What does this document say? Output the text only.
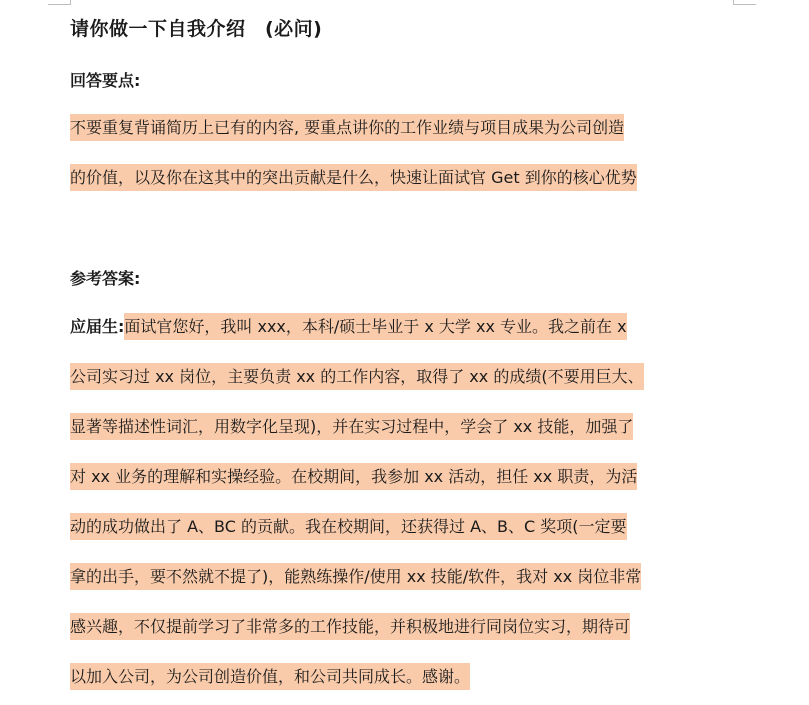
请你做一下自我介绍　(必问)
回答要点:
不要重复背诵简历上已有的内容, 要重点讲你的工作业绩与项目成果为公司创造
的价值，以及你在这其中的突出贡献是什么，快速让面试官 Get 到你的核心优势
参考答案:
应届生:面试官您好，我叫 xxx，本科/硕士毕业于 x 大学 xx 专业。我之前在 x
公司实习过 xx 岗位，主要负责 xx 的工作内容，取得了 xx 的成绩(不要用巨大、
显著等描述性词汇，用数字化呈现)，并在实习过程中，学会了 xx 技能，加强了
对 xx 业务的理解和实操经验。在校期间，我参加 xx 活动，担任 xx 职责，为活
动的成功做出了 A、BC 的贡献。我在校期间，还获得过 A、B、C 奖项(一定要
拿的出手，要不然就不提了)，能熟练操作/使用 xx 技能/软件，我对 xx 岗位非常
感兴趣，不仅提前学习了非常多的工作技能，并积极地进行同岗位实习，期待可
以加入公司，为公司创造价值，和公司共同成长。感谢。
